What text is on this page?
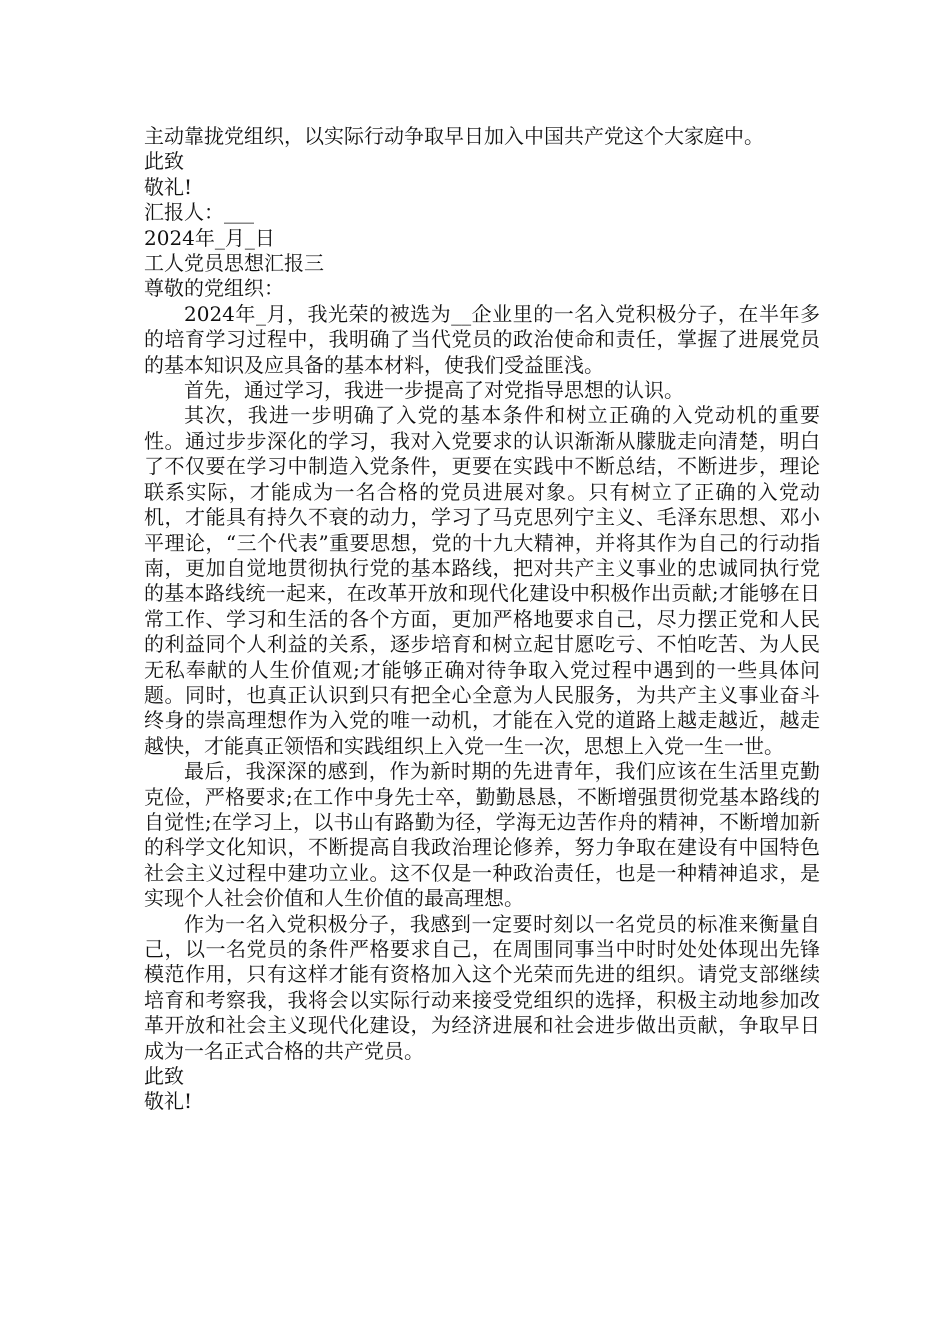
主动靠拢党组织，以实际行动争取早日加入中国共产党这个大家庭中。

此致

敬礼!

汇报人：___

2024年_月_日

工人党员思想汇报三

尊敬的党组织：

2024年_月，我光荣的被选为__企业里的一名入党积极分子，在半年多的培育学习过程中，我明确了当代党员的政治使命和责任，掌握了进展党员的基本知识及应具备的基本材料，使我们受益匪浅。

首先，通过学习，我进一步提高了对党指导思想的认识。

其次，我进一步明确了入党的基本条件和树立正确的入党动机的重要性。通过步步深化的学习，我对入党要求的认识渐渐从朦胧走向清楚，明白了不仅要在学习中制造入党条件，更要在实践中不断总结，不断进步，理论联系实际，才能成为一名合格的党员进展对象。只有树立了正确的入党动机，才能具有持久不衰的动力，学习了马克思列宁主义、毛泽东思想、邓小平理论，“三个代表”重要思想，党的十九大精神，并将其作为自己的行动指南，更加自觉地贯彻执行党的基本路线，把对共产主义事业的忠诚同执行党的基本路线统一起来，在改革开放和现代化建设中积极作出贡献;才能够在日常工作、学习和生活的各个方面，更加严格地要求自己，尽力摆正党和人民的利益同个人利益的关系，逐步培育和树立起甘愿吃亏、不怕吃苦、为人民无私奉献的人生价值观;才能够正确对待争取入党过程中遇到的一些具体问题。同时，也真正认识到只有把全心全意为人民服务，为共产主义事业奋斗终身的崇高理想作为入党的唯一动机，才能在入党的道路上越走越近，越走越快，才能真正领悟和实践组织上入党一生一次，思想上入党一生一世。

最后，我深深的感到，作为新时期的先进青年，我们应该在生活里克勤克俭，严格要求;在工作中身先士卒，勤勤恳恳，不断增强贯彻党基本路线的自觉性;在学习上，以书山有路勤为径，学海无边苦作舟的精神，不断增加新的科学文化知识，不断提高自我政治理论修养，努力争取在建设有中国特色社会主义过程中建功立业。这不仅是一种政治责任，也是一种精神追求，是实现个人社会价值和人生价值的最高理想。

作为一名入党积极分子，我感到一定要时刻以一名党员的标准来衡量自己，以一名党员的条件严格要求自己，在周围同事当中时时处处体现出先锋模范作用，只有这样才能有资格加入这个光荣而先进的组织。请党支部继续培育和考察我，我将会以实际行动来接受党组织的选择，积极主动地参加改革开放和社会主义现代化建设，为经济进展和社会进步做出贡献，争取早日成为一名正式合格的共产党员。

此致

敬礼!
